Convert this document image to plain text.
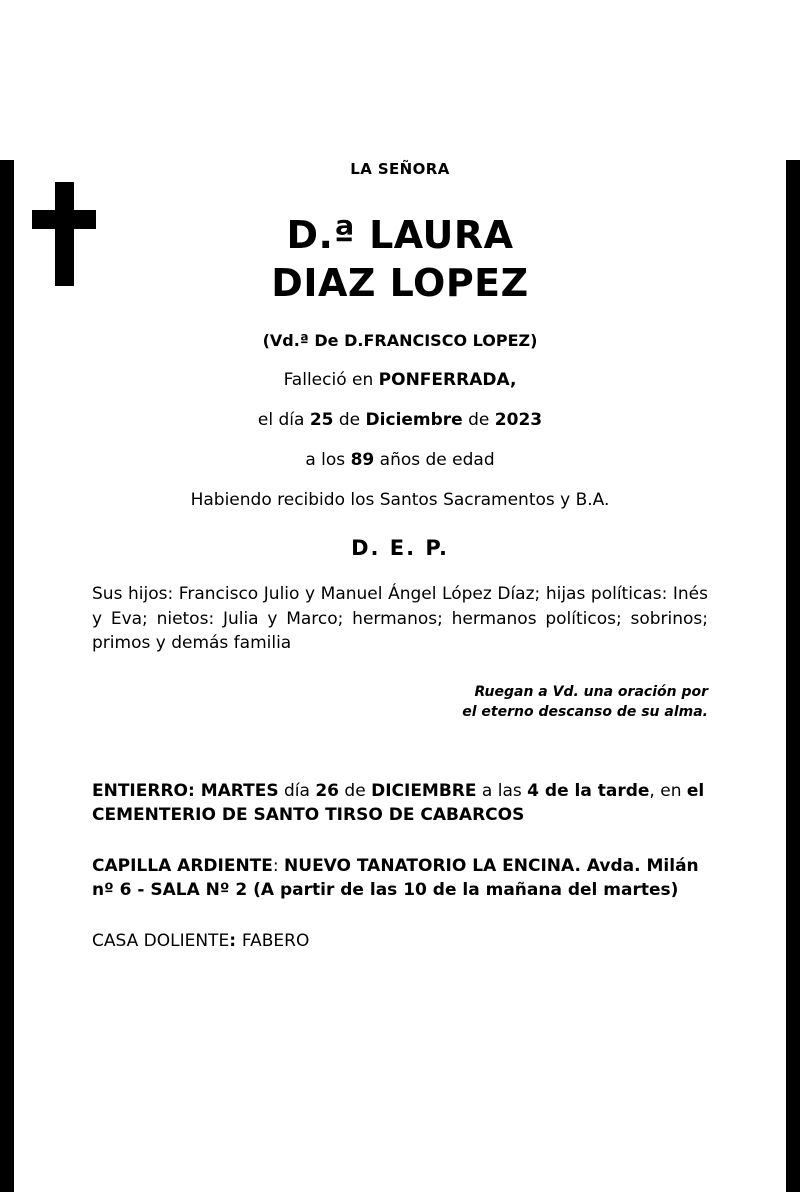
LA SEÑORA
D.ª LAURA
DIAZ LOPEZ
(Vd.ª De D.FRANCISCO LOPEZ)
Falleció en PONFERRADA,
el día 25 de Diciembre de 2023
a los 89 años de edad
Habiendo recibido los Santos Sacramentos y B.A.
D. E. P.
Sus hijos: Francisco Julio y Manuel Ángel López Díaz; hijas políticas: Inés y Eva; nietos: Julia y Marco; hermanos; hermanos políticos; sobrinos; primos y demás familia
Ruegan a Vd. una oración por
el eterno descanso de su alma.
ENTIERRO: MARTES día 26 de DICIEMBRE a las 4 de la tarde, en el CEMENTERIO DE SANTO TIRSO DE CABARCOS
CAPILLA ARDIENTE: NUEVO TANATORIO LA ENCINA. Avda. Milán nº 6 - SALA Nº 2 (A partir de las 10 de la mañana del martes)
CASA DOLIENTE: FABERO
